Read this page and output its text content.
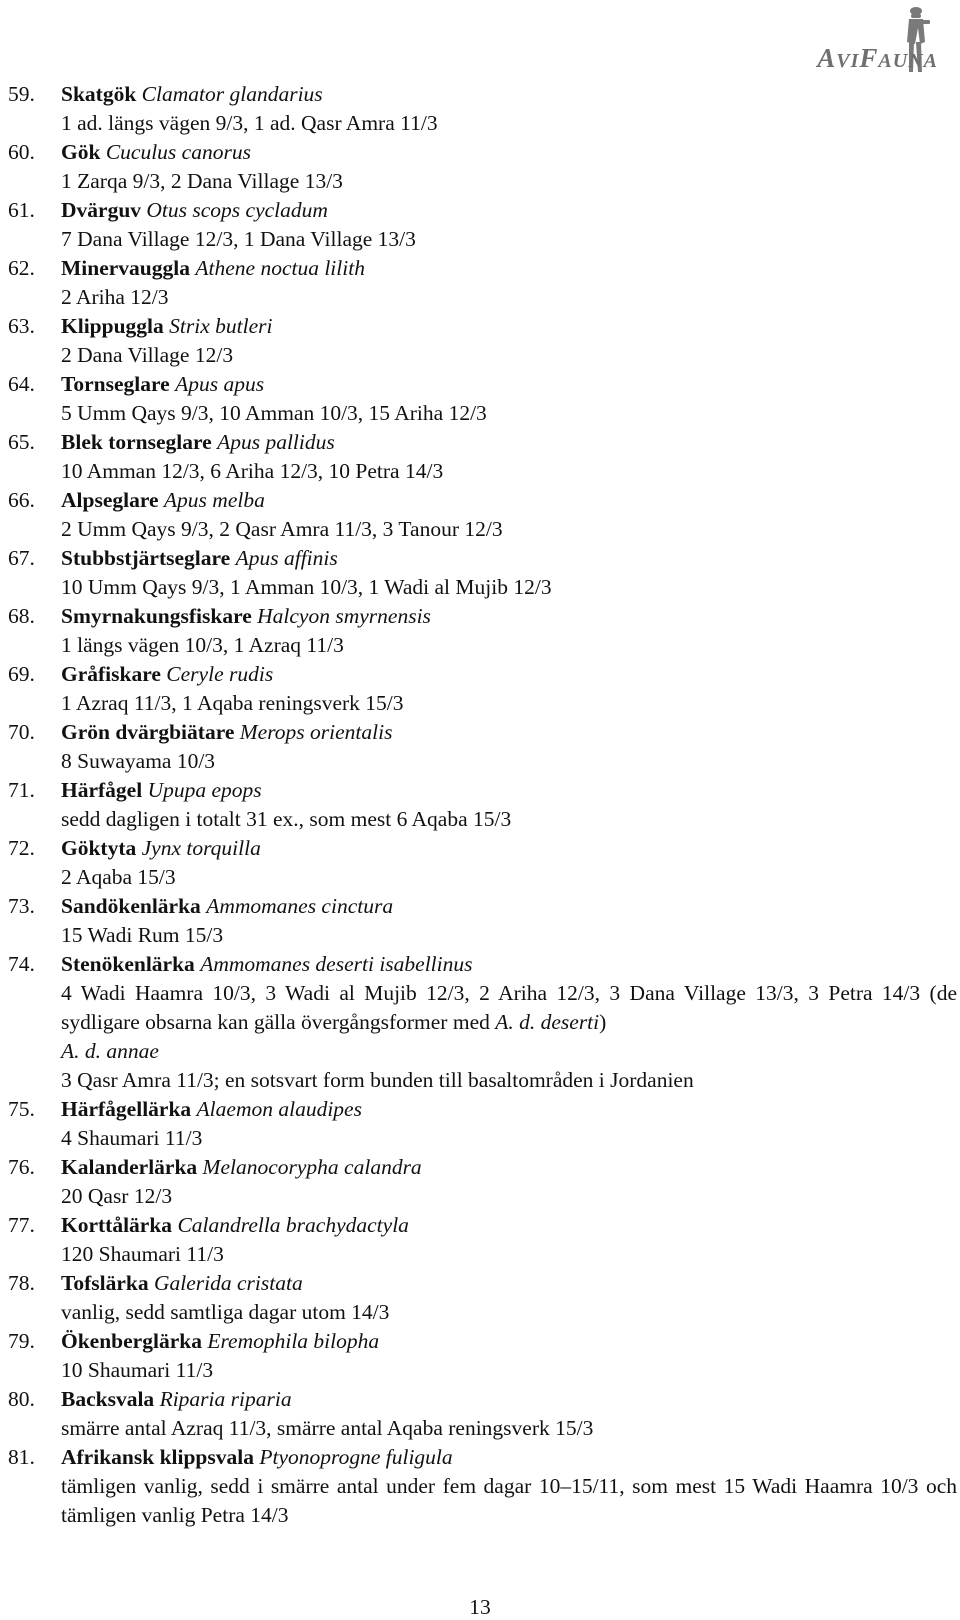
AVIFAUNA
59. Skatgök Clamator glandarius
1 ad. längs vägen 9/3, 1 ad. Qasr Amra 11/3
60. Gök Cuculus canorus
1 Zarqa 9/3, 2 Dana Village 13/3
61. Dvärguv Otus scops cycladum
7 Dana Village 12/3, 1 Dana Village 13/3
62. Minervauggla Athene noctua lilith
2 Ariha 12/3
63. Klippuggla Strix butleri
2 Dana Village 12/3
64. Tornseglare Apus apus
5 Umm Qays 9/3, 10 Amman 10/3, 15 Ariha 12/3
65. Blek tornseglare Apus pallidus
10 Amman 12/3, 6 Ariha 12/3, 10 Petra 14/3
66. Alpseglare Apus melba
2 Umm Qays 9/3, 2 Qasr Amra 11/3, 3 Tanour 12/3
67. Stubbstjärtseglare Apus affinis
10 Umm Qays 9/3, 1 Amman 10/3, 1 Wadi al Mujib 12/3
68. Smyrnakungsfiskare Halcyon smyrnensis
1 längs vägen 10/3, 1 Azraq 11/3
69. Gråfiskare Ceryle rudis
1 Azraq 11/3, 1 Aqaba reningsverk 15/3
70. Grön dvärgbiätare Merops orientalis
8 Suwayama 10/3
71. Härfågel Upupa epops
sedd dagligen i totalt 31 ex., som mest 6 Aqaba 15/3
72. Göktyta Jynx torquilla
2 Aqaba 15/3
73. Sandökenlärka Ammomanes cinctura
15 Wadi Rum 15/3
74. Stenökenlärka Ammomanes deserti isabellinus
4 Wadi Haamra 10/3, 3 Wadi al Mujib 12/3, 2 Ariha 12/3, 3 Dana Village 13/3, 3 Petra 14/3 (de sydligare obsarna kan gälla övergångsformer med A. d. deserti)
A. d. annae
3 Qasr Amra 11/3; en sotsvart form bunden till basaltområden i Jordanien
75. Härfågellärka Alaemon alaudipes
4 Shaumari 11/3
76. Kalanderlärka Melanocorypha calandra
20 Qasr 12/3
77. Korttålärka Calandrella brachydactyla
120 Shaumari 11/3
78. Tofslärka Galerida cristata
vanlig, sedd samtliga dagar utom 14/3
79. Ökenberglärka Eremophila bilopha
10 Shaumari 11/3
80. Backsvala Riparia riparia
smärre antal Azraq 11/3, smärre antal Aqaba reningsverk 15/3
81. Afrikansk klippsvala Ptyonoprogne fuligula
tämligen vanlig, sedd i smärre antal under fem dagar 10–15/11, som mest 15 Wadi Haamra 10/3 och tämligen vanlig Petra 14/3
13
